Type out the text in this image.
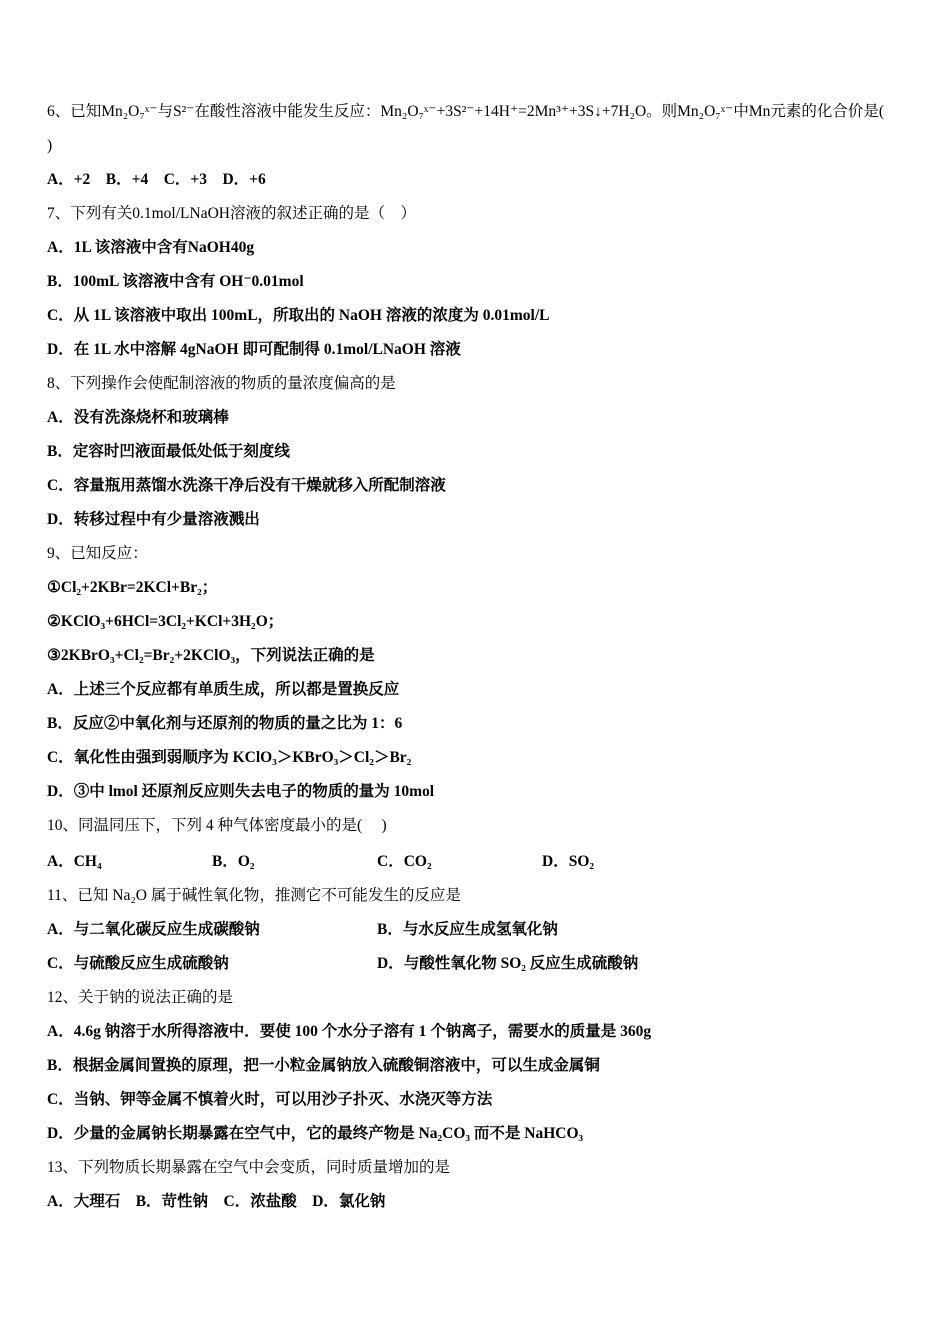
6、已知Mn₂O₇ˣ⁻与S²⁻在酸性溶液中能发生反应：Mn₂O₇ˣ⁻+3S²⁻+14H⁺=2Mn³⁺+3S↓+7H₂O。则Mn₂O₇ˣ⁻中Mn元素的化合价是(
)
A．+2　B．+4　C．+3　D．+6
7、下列有关0.1mol/LNaOH溶液的叙述正确的是（　）
A．1L 该溶液中含有NaOH40g
B．100mL 该溶液中含有 OH⁻0.01mol
C．从 1L 该溶液中取出 100mL，所取出的 NaOH 溶液的浓度为 0.01mol/L
D．在 1L 水中溶解 4gNaOH 即可配制得 0.1mol/LNaOH 溶液
8、下列操作会使配制溶液的物质的量浓度偏高的是
A．没有洗涤烧杯和玻璃棒
B．定容时凹液面最低处低于刻度线
C．容量瓶用蒸馏水洗涤干净后没有干燥就移入所配制溶液
D．转移过程中有少量溶液溅出
9、已知反应：
①Cl₂+2KBr=2KCl+Br₂；
②KClO₃+6HCl=3Cl₂+KCl+3H₂O；
③2KBrO₃+Cl₂=Br₂+2KClO₃，下列说法正确的是
A．上述三个反应都有单质生成，所以都是置换反应
B．反应②中氧化剂与还原剂的物质的量之比为 1：6
C．氧化性由强到弱顺序为 KClO₃＞KBrO₃＞Cl₂＞Br₂
D．③中 lmol 还原剂反应则失去电子的物质的量为 10mol
10、同温同压下，下列 4 种气体密度最小的是(　 )
A．CH₄	B．O₂	C．CO₂	D．SO₂
11、已知 Na₂O 属于碱性氧化物，推测它不可能发生的反应是
A．与二氧化碳反应生成碳酸钠	B．与水反应生成氢氧化钠
C．与硫酸反应生成硫酸钠	D．与酸性氧化物 SO₂ 反应生成硫酸钠
12、关于钠的说法正确的是
A．4.6g 钠溶于水所得溶液中．要使 100 个水分子溶有 1 个钠离子，需要水的质量是 360g
B．根据金属间置换的原理，把一小粒金属钠放入硫酸铜溶液中，可以生成金属铜
C．当钠、钾等金属不慎着火时，可以用沙子扑灭、水浇灭等方法
D．少量的金属钠长期暴露在空气中，它的最终产物是 Na₂CO₃ 而不是 NaHCO₃
13、下列物质长期暴露在空气中会变质，同时质量增加的是
A．大理石　B．苛性钠　C．浓盐酸　D．氯化钠
